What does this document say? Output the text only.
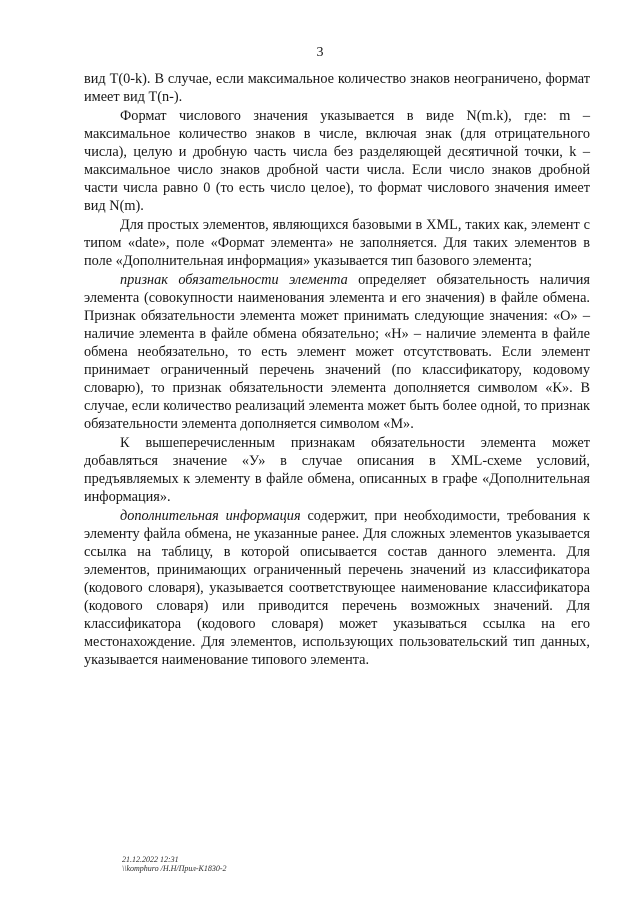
3

вид T(0-k). В случае, если максимальное количество знаков неограничено, формат имеет вид T(n-).

Формат числового значения указывается в виде N(m.k), где: m – максимальное количество знаков в числе, включая знак (для отрицательного числа), целую и дробную часть числа без разделяющей десятичной точки, k – максимальное число знаков дробной части числа. Если число знаков дробной части числа равно 0 (то есть число целое), то формат числового значения имеет вид N(m).

Для простых элементов, являющихся базовыми в XML, таких как, элемент с типом «date», поле «Формат элемента» не заполняется. Для таких элементов в поле «Дополнительная информация» указывается тип базового элемента;

признак обязательности элемента определяет обязательность наличия элемента (совокупности наименования элемента и его значения) в файле обмена. Признак обязательности элемента может принимать следующие значения: «О» – наличие элемента в файле обмена обязательно; «Н» – наличие элемента в файле обмена необязательно, то есть элемент может отсутствовать. Если элемент принимает ограниченный перечень значений (по классификатору, кодовому словарю), то признак обязательности элемента дополняется символом «К». В случае, если количество реализаций элемента может быть более одной, то признак обязательности элемента дополняется символом «М».

К вышеперечисленным признакам обязательности элемента может добавляться значение «У» в случае описания в XML-схеме условий, предъявляемых к элементу в файле обмена, описанных в графе «Дополнительная информация».

дополнительная информация содержит, при необходимости, требования к элементу файла обмена, не указанные ранее. Для сложных элементов указывается ссылка на таблицу, в которой описывается состав данного элемента. Для элементов, принимающих ограниченный перечень значений из классификатора (кодового словаря), указывается соответствующее наименование классификатора (кодового словаря) или приводится перечень возможных значений. Для классификатора (кодового словаря) может указываться ссылка на его местонахождение. Для элементов, использующих пользовательский тип данных, указывается наименование типового элемента.

21.12.2022 12:31
\\komphuro /Н.Н/Прил-K1830-2
